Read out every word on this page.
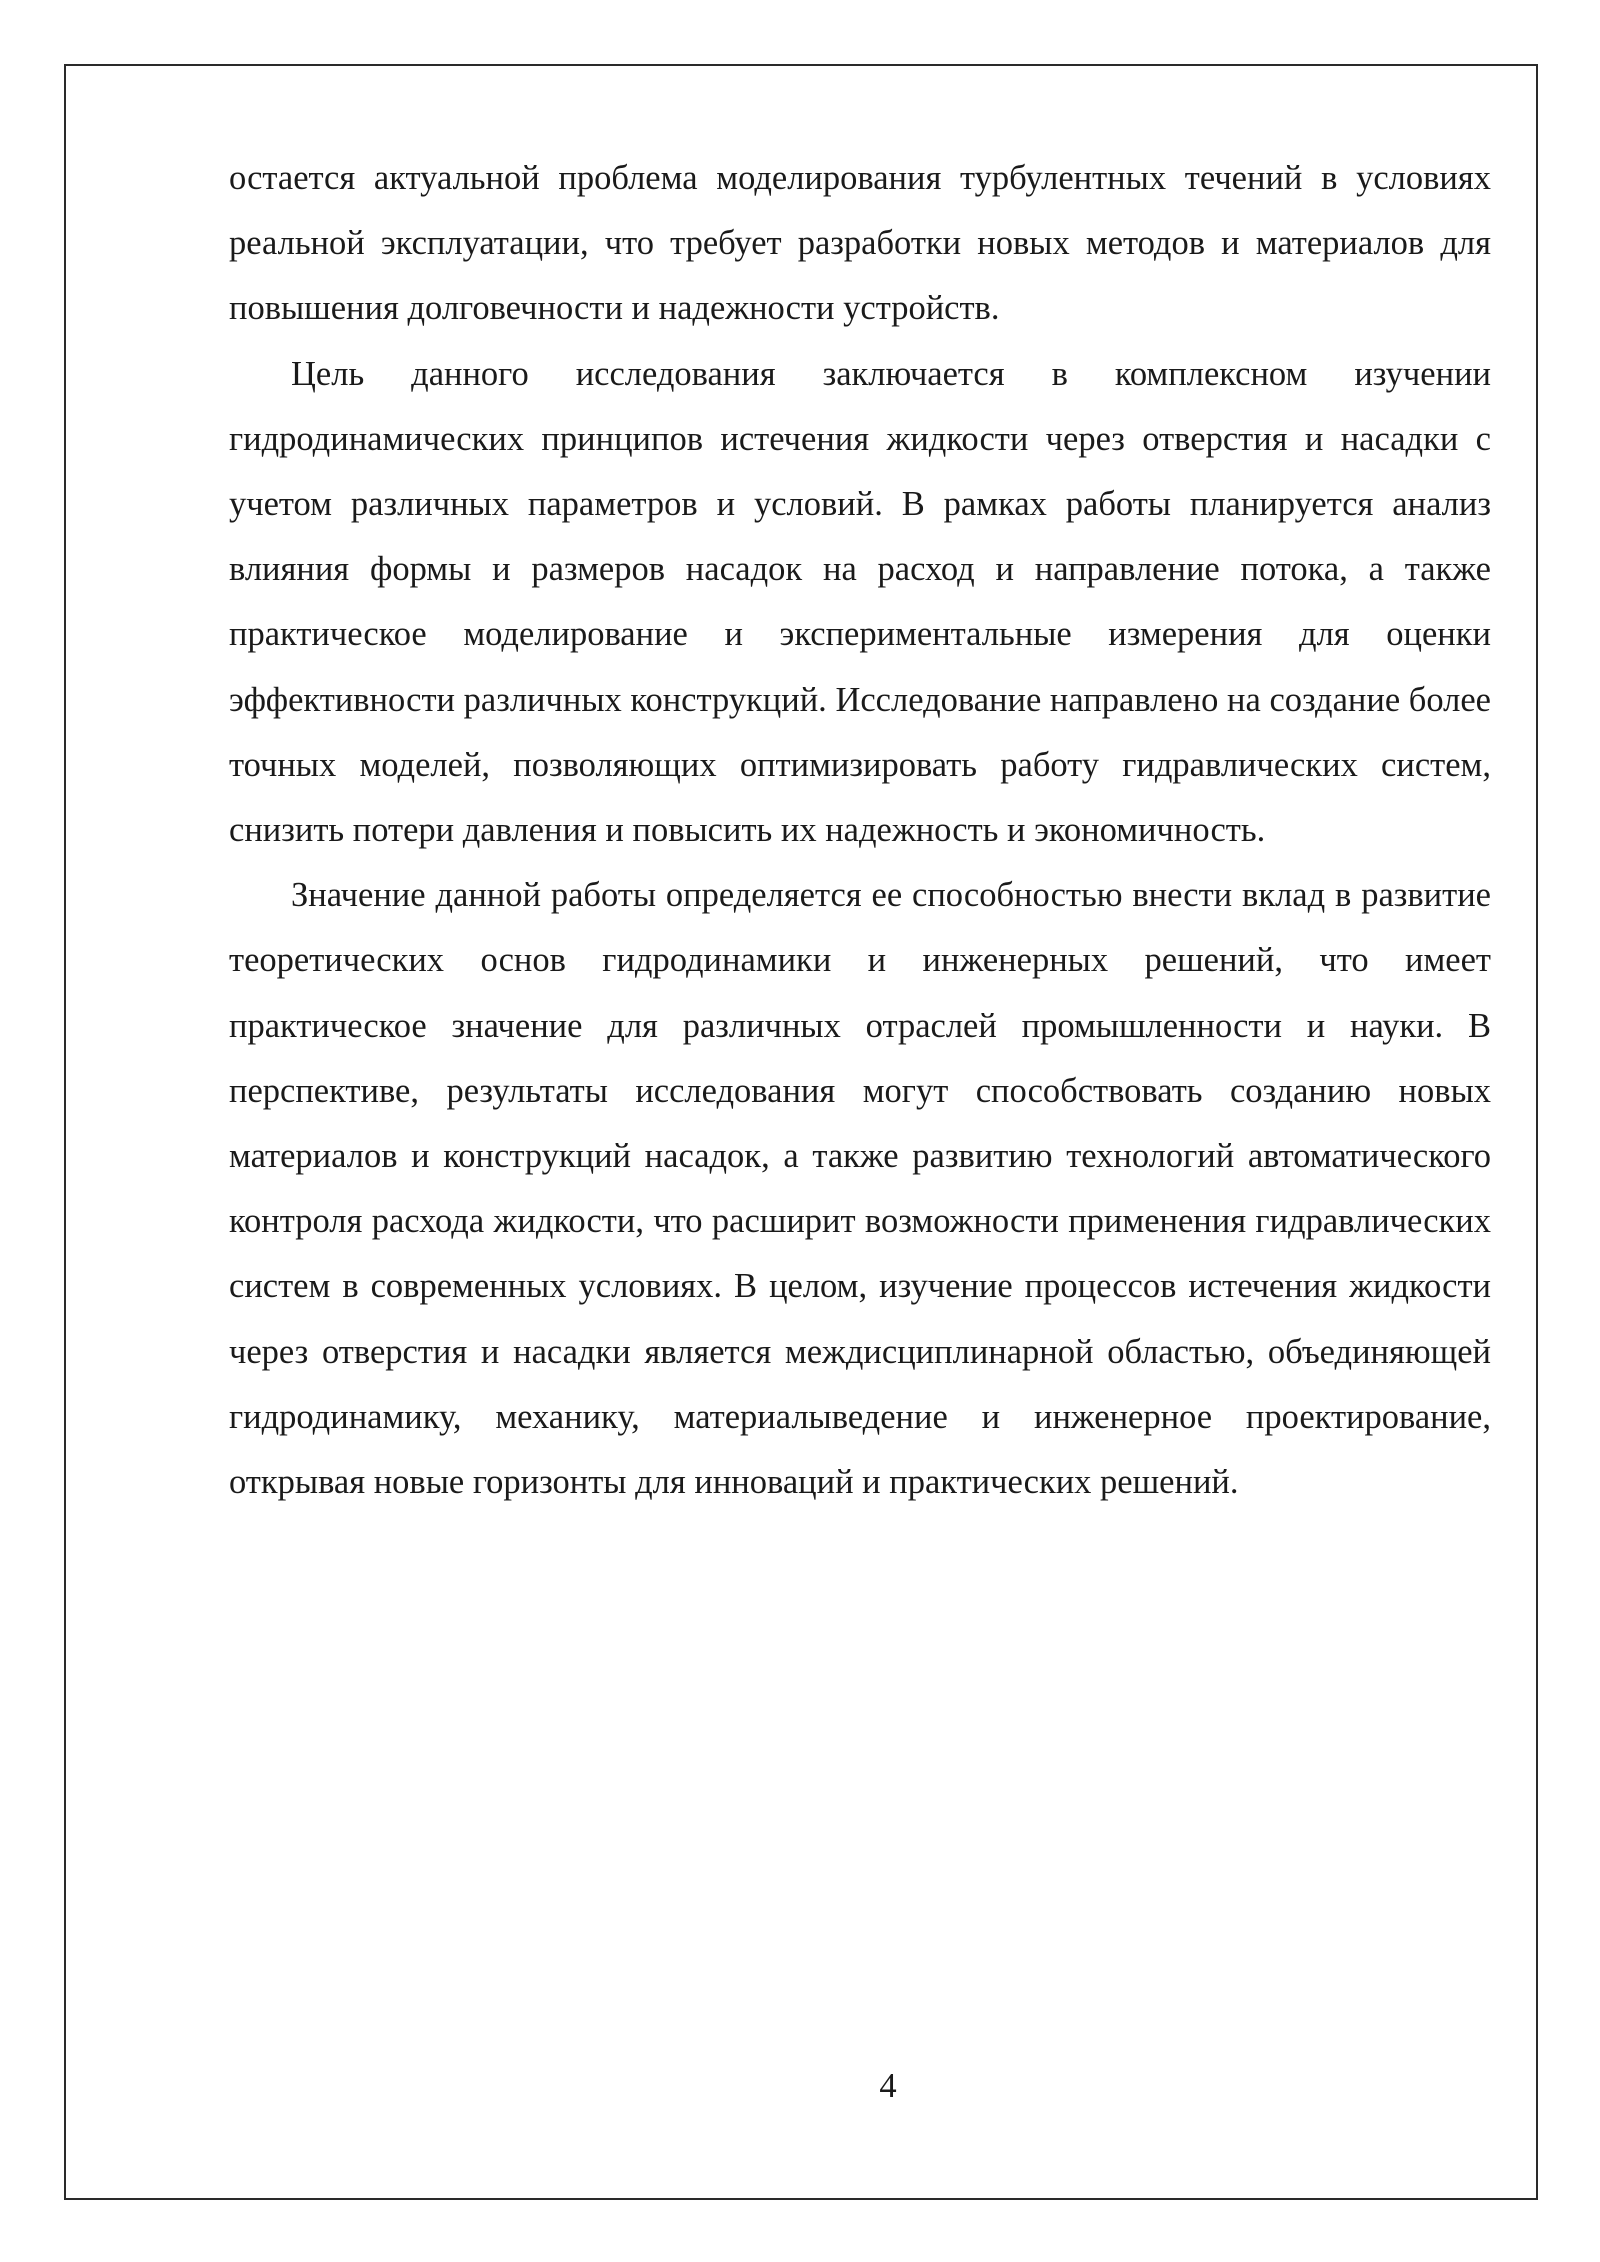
остается актуальной проблема моделирования турбулентных течений в условиях реальной эксплуатации, что требует разработки новых методов и материалов для повышения долговечности и надежности устройств.

Цель данного исследования заключается в комплексном изучении гидродинамических принципов истечения жидкости через отверстия и насадки с учетом различных параметров и условий. В рамках работы планируется анализ влияния формы и размеров насадок на расход и направление потока, а также практическое моделирование и экспериментальные измерения для оценки эффективности различных конструкций. Исследование направлено на создание более точных моделей, позволяющих оптимизировать работу гидравлических систем, снизить потери давления и повысить их надежность и экономичность.

Значение данной работы определяется ее способностью внести вклад в развитие теоретических основ гидродинамики и инженерных решений, что имеет практическое значение для различных отраслей промышленности и науки. В перспективе, результаты исследования могут способствовать созданию новых материалов и конструкций насадок, а также развитию технологий автоматического контроля расхода жидкости, что расширит возможности применения гидравлических систем в современных условиях. В целом, изучение процессов истечения жидкости через отверстия и насадки является междисциплинарной областью, объединяющей гидродинамику, механику, материалыведение и инженерное проектирование, открывая новые горизонты для инноваций и практических решений.

4
